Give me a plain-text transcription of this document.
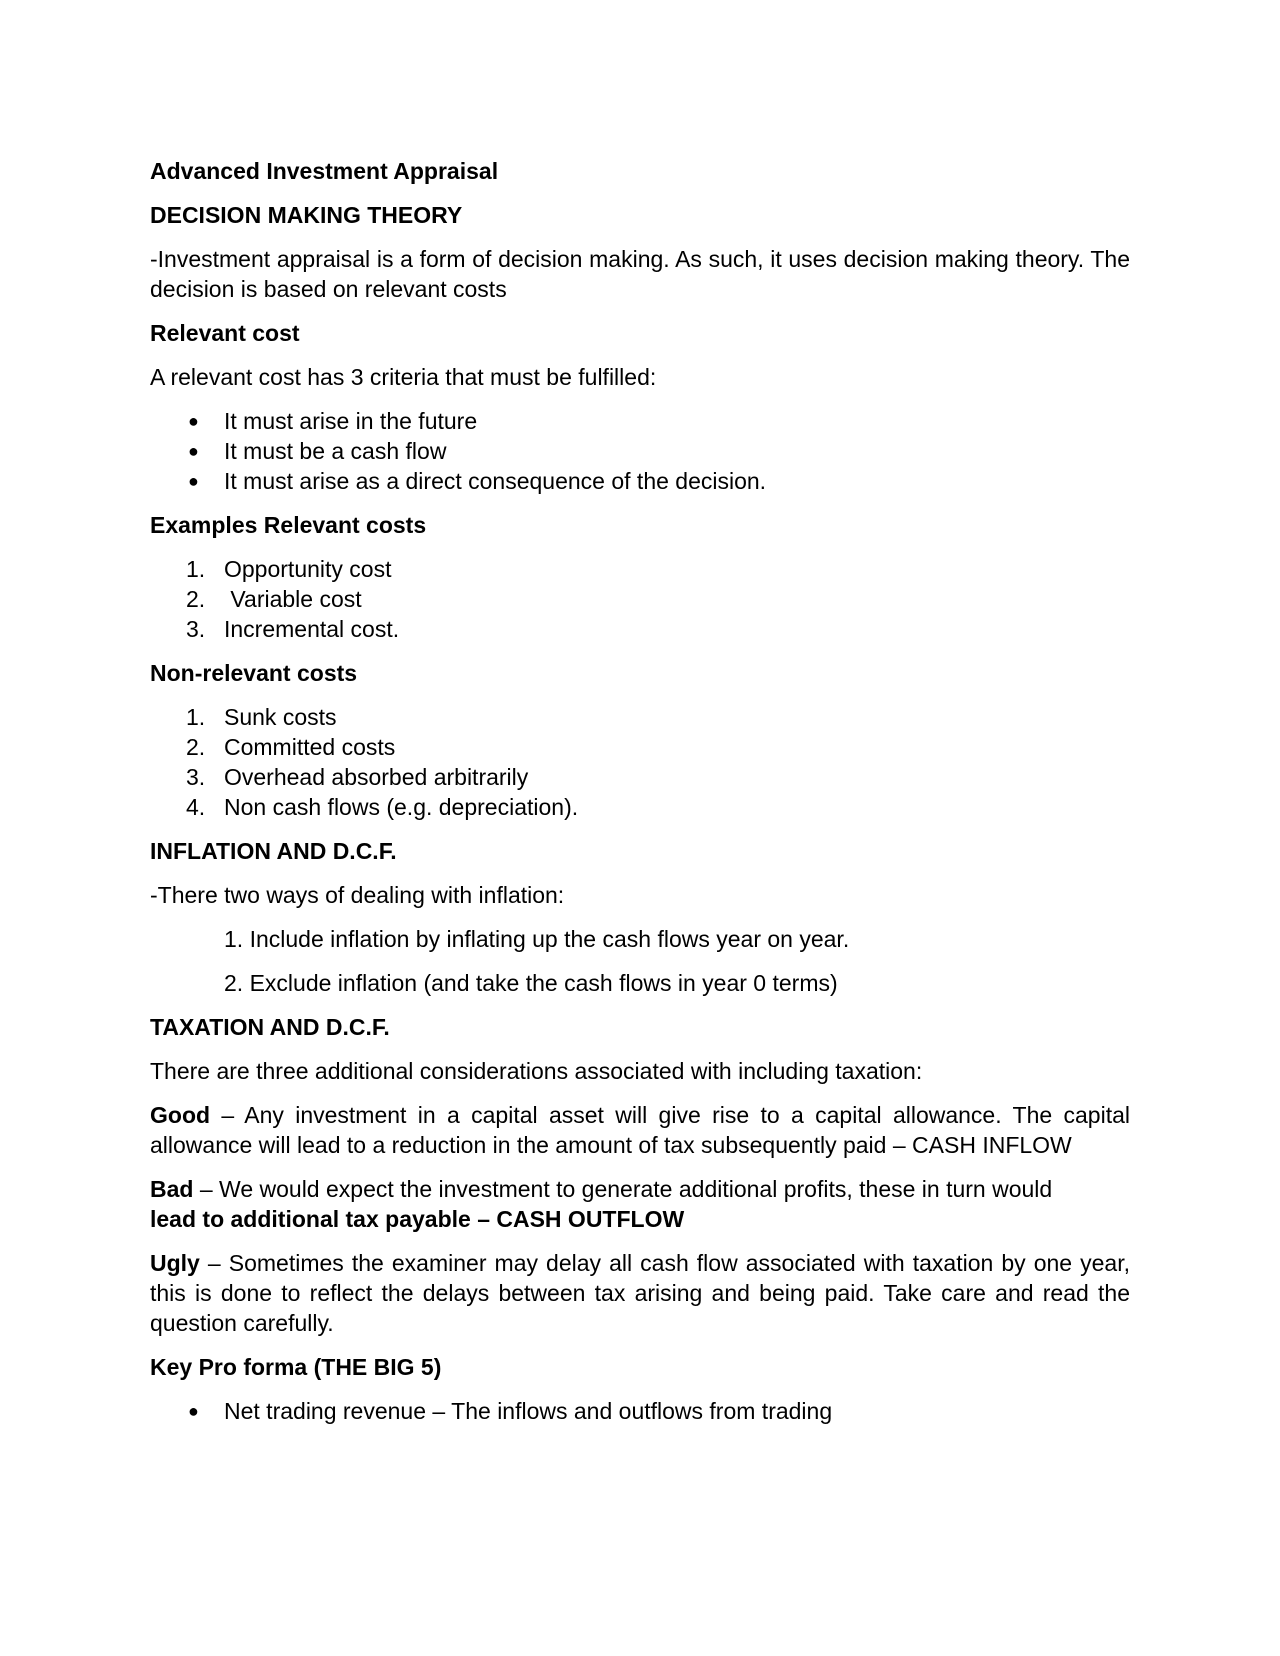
Advanced Investment Appraisal
DECISION MAKING THEORY

-Investment appraisal is a form of decision making. As such, it uses decision making theory. The decision is based on relevant costs

Relevant cost

A relevant cost has 3 criteria that must be fulfilled:

● It must arise in the future
● It must be a cash flow
● It must arise as a direct consequence of the decision.
Examples Relevant costs
1. Opportunity cost
2. Variable cost
3. Incremental cost.
Non-relevant costs
1. Sunk costs
2. Committed costs
3. Overhead absorbed arbitrarily
4. Non cash flows (e.g. depreciation).
INFLATION AND D.C.F.

-There two ways of dealing with inflation:

1. Include inflation by inflating up the cash flows year on year.
2. Exclude inflation (and take the cash flows in year 0 terms)
TAXATION AND D.C.F.

There are three additional considerations associated with including taxation:

Good – Any investment in a capital asset will give rise to a capital allowance. The capital allowance will lead to a reduction in the amount of tax subsequently paid – CASH INFLOW

Bad – We would expect the investment to generate additional profits, these in turn would
lead to additional tax payable – CASH OUTFLOW

Ugly – Sometimes the examiner may delay all cash flow associated with taxation by one year, this is done to reflect the delays between tax arising and being paid. Take care and read the question carefully.

Key Pro forma (THE BIG 5)
● Net trading revenue – The inflows and outflows from trading
